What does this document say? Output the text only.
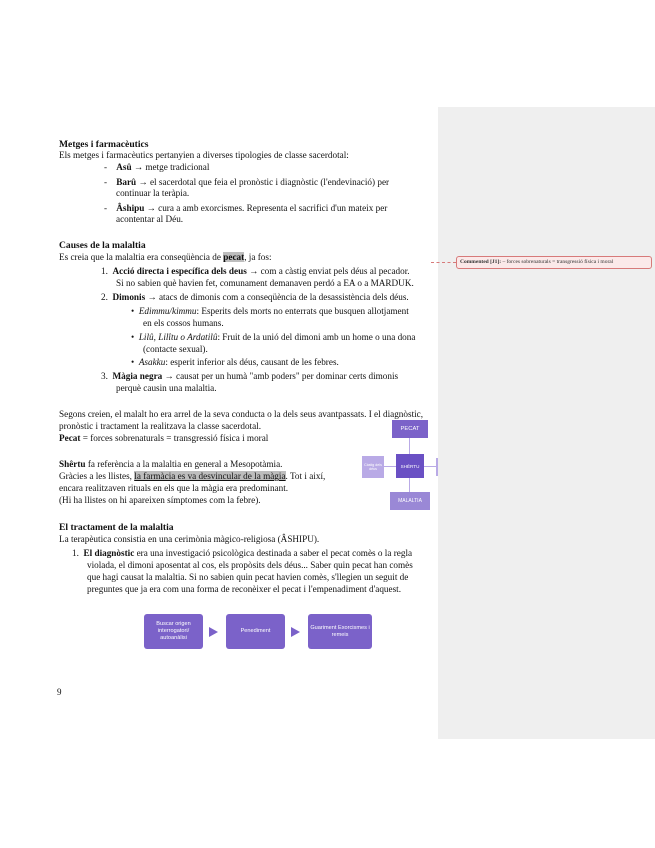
Metges i farmacèutics
Els metges i farmacèutics pertanyien a diverses tipologies de classe sacerdotal:
-    Asû → metge tradicional
-    Barû → el sacerdotal que feia el pronòstic i diagnòstic (l'endevinació) per
continuar la teràpia.
-    Âshipu → cura a amb exorcismes. Representa el sacrifici d'un mateix per
acontentar al Déu.
Causes de la malaltia
Es creia que la malaltia era conseqüència de pecat, ja fos:
1. Acció directa i específica dels deus → com a càstig enviat pels déus al pecador.
Si no sabien què havien fet, comunament demanaven perdó a EA o a MARDUK.
2. Dimonis → atacs de dimonis com a conseqüència de la desassistència dels déus.
•  Edimmu/kimmu: Esperits dels morts no enterrats que busquen allotjament
en els cossos humans.
•  Lilû, Lilîtu o Ardatilû: Fruit de la unió del dimoni amb un home o una dona
(contacte sexual).
•  Asakku: esperit inferior als déus, causant de les febres.
3. Màgia negra → causat per un humà "amb poders" per dominar certs dimonis
perquè causin una malaltia.
Segons creien, el malalt ho era arrel de la seva conducta o la dels seus avantpassats. I el diagnòstic,
pronòstic i tractament la realitzava la classe sacerdotal.
Pecat = forces sobrenaturals = transgressió física i moral
Shêrtu fa referència a la malaltia en general a Mesopotàmia.
Gràcies a les llistes, la farmàcia es va desvincular de la màgia. Tot i així,
encara realitzaven rituals en els que la màgia era predominant.
(Hi ha llistes on hi apareixen símptomes com la febre).
El tractament de la malaltia
La terapèutica consistia en una cerimònia màgico-religiosa (ÂSHIPU).
1. El diagnòstic era una investigació psicològica destinada a saber el pecat comès o la regla
violada, el dimoni aposentat al cos, els propòsits dels déus... Saber quin pecat han comès
que hagi causat la malaltia. Si no sabien quin pecat havien comès, s'llegien un seguit de
preguntes que ja era com una forma de reconèixer el pecat i l'empenadiment d'aquest.
Buscar origen interrogatori/ autoanàlisi
Penediment
Guariment Exorcismes i remeis
9
PECAT
SHÊRTU
Càstig dels déus
MALALTIA
Commented [J1]: – forces sobrenaturals = transgressió física i moral
